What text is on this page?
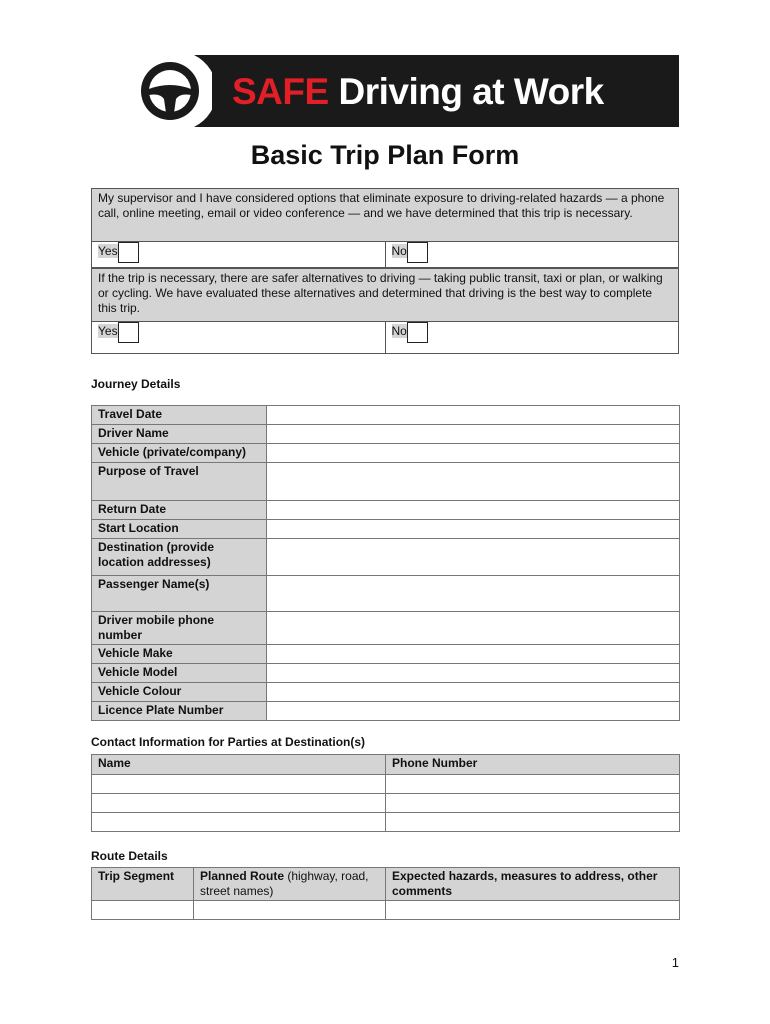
SAFE Driving at Work
Basic Trip Plan Form
My supervisor and I have considered options that eliminate exposure to driving-related hazards — a phone call, online meeting, email or video conference — and we have determined that this trip is necessary.
Yes	No
If the trip is necessary, there are safer alternatives to driving — taking public transit, taxi or plan, or walking or cycling. We have evaluated these alternatives and determined that driving is the best way to complete this trip.
Yes	No
Journey Details
Travel Date	
Driver Name	
Vehicle (private/company)	
Purpose of Travel	
Return Date	
Start Location	
Destination (provide location addresses)	
Passenger Name(s)	
Driver mobile phone number	
Vehicle Make	
Vehicle Model	
Vehicle Colour	
Licence Plate Number	
Contact Information for Parties at Destination(s)
Name	Phone Number

Route Details
Trip Segment	Planned Route (highway, road, street names)	Expected hazards, measures to address, other comments

1
